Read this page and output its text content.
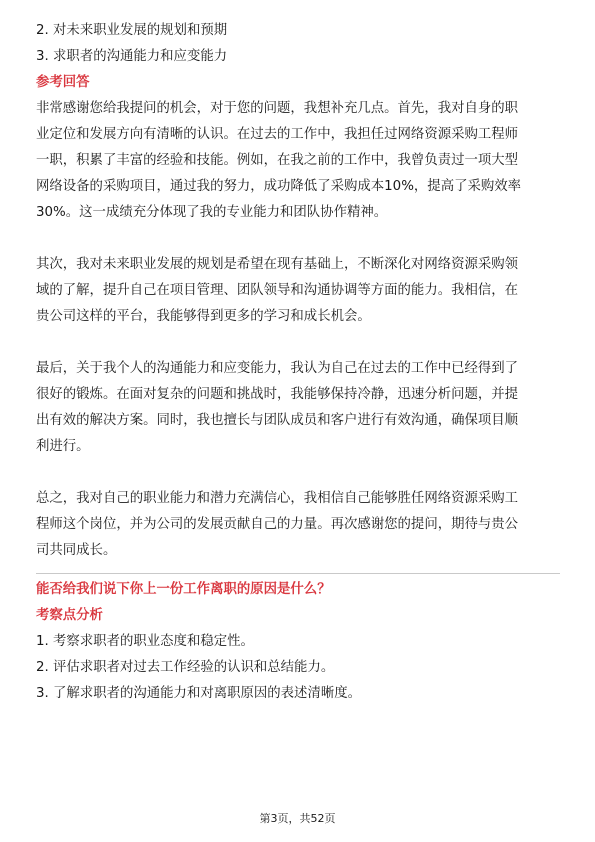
2. 对未来职业发展的规划和预期

3. 求职者的沟通能力和应变能力

参考回答

非常感谢您给我提问的机会，对于您的问题，我想补充几点。首先，我对自身的职

业定位和发展方向有清晰的认识。在过去的工作中，我担任过网络资源采购工程师

一职，积累了丰富的经验和技能。例如，在我之前的工作中，我曾负责过一项大型

网络设备的采购项目，通过我的努力，成功降低了采购成本10%，提高了采购效率

30%。这一成绩充分体现了我的专业能力和团队协作精神。

其次，我对未来职业发展的规划是希望在现有基础上，不断深化对网络资源采购领

域的了解，提升自己在项目管理、团队领导和沟通协调等方面的能力。我相信，在

贵公司这样的平台，我能够得到更多的学习和成长机会。

最后，关于我个人的沟通能力和应变能力，我认为自己在过去的工作中已经得到了

很好的锻炼。在面对复杂的问题和挑战时，我能够保持冷静，迅速分析问题，并提

出有效的解决方案。同时，我也擅长与团队成员和客户进行有效沟通，确保项目顺

利进行。

总之，我对自己的职业能力和潜力充满信心，我相信自己能够胜任网络资源采购工

程师这个岗位，并为公司的发展贡献自己的力量。再次感谢您的提问，期待与贵公

司共同成长。

能否给我们说下你上一份工作离职的原因是什么？

考察点分析

1. 考察求职者的职业态度和稳定性。

2. 评估求职者对过去工作经验的认识和总结能力。

3. 了解求职者的沟通能力和对离职原因的表述清晰度。

第3页，共52页
